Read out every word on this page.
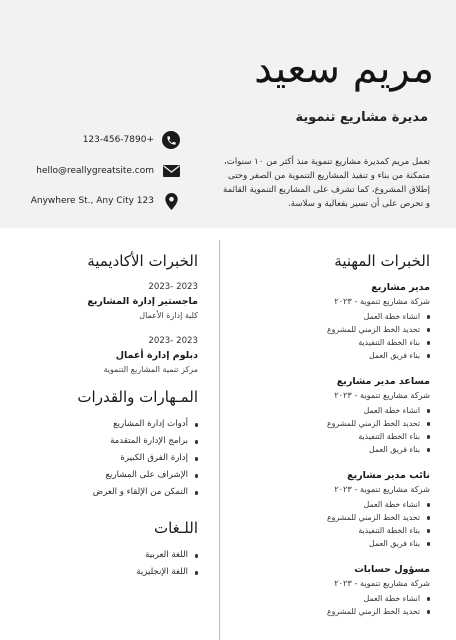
مريم سعيد
مديرة مشاريع تنموية
123-456-7890+
hello@reallygreatsite.com
Anywhere St., Any City 123
تعمل مريم كمديرة مشاريع تنموية منذ أكثر من ١٠ سنوات،
متمكنة من بناء و تنفيذ المشاريع التنموية من الصفر وحتى
إطلاق المشروع، كما تشرف على المشاريع التنموية القائمة
و تحرص على أن تسير بفعالية و سلاسة.
الخبرات المهنية
مدير مشاريع
شركة مشاريع تنموية - ٢٠٢٣
انشاء خطة العمل
تحديد الخط الزمني للمشروع
بناء الخطة التنفيذية
بناء فريق العمل
مساعد مدير مشاريع
شركة مشاريع تنموية - ٢٠٢٣
انشاء خطة العمل
تحديد الخط الزمني للمشروع
بناء الخطة التنفيذية
بناء فريق العمل
نائب مدير مشاريع
شركة مشاريع تنموية - ٢٠٢٣
انشاء خطة العمل
تحديد الخط الزمني للمشروع
بناء الخطة التنفيذية
بناء فريق العمل
مسؤول حسابات
شركة مشاريع تنموية - ٢٠٢٣
انشاء خطة العمل
تحديد الخط الزمني للمشروع
الخبرات الأكاديمية
2023 -2023
ماجستير إدارة المشاريع
كلية إدارة الأعمال
2023 -2023
دبلوم إدارة أعمال
مركز تنمية المشاريع التنموية
المـهارات والقدرات
أدوات إدارة المشاريع
برامج الإدارة المتقدمة
إدارة الفرق الكبيرة
الإشراف على المشاريع
التمكن من الإلقاء و العرض
اللـغات
اللغة العربية
اللغة الإنجليزية
